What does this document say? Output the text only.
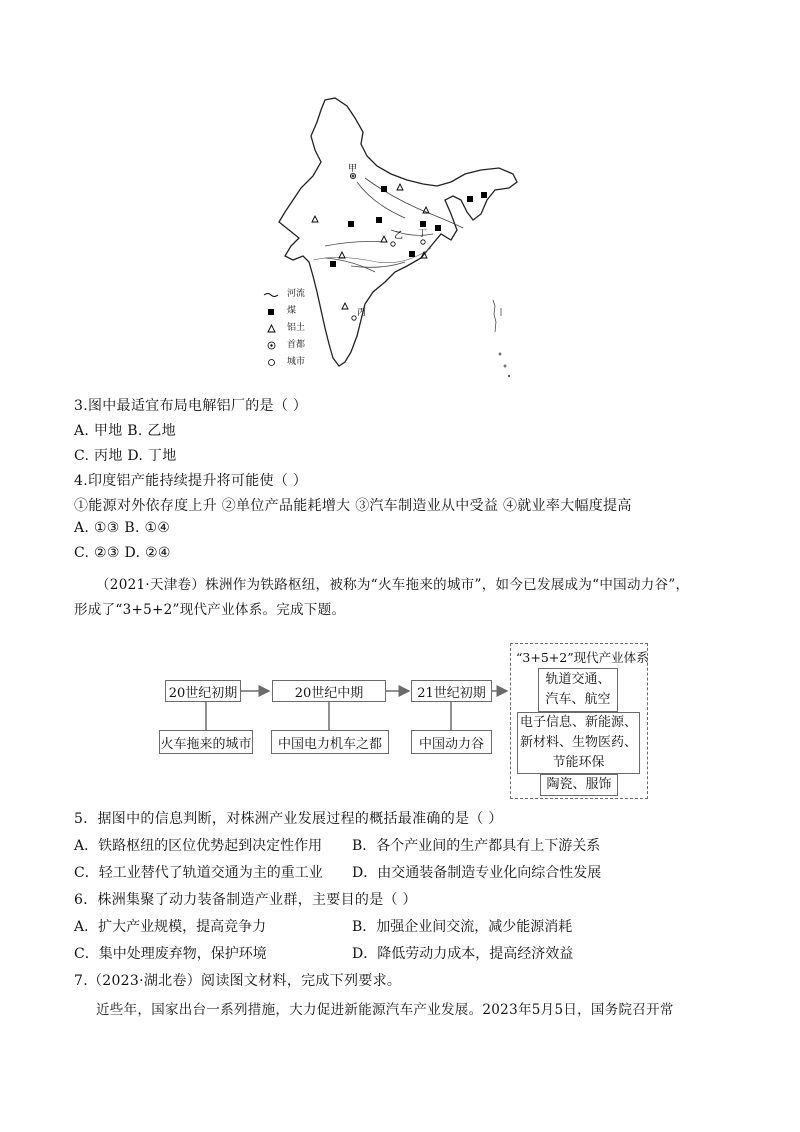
甲
乙 丁
丙
河流
煤
铝土
首都
城市
3.图中最适宜布局电解铝厂的是（ ）
A. 甲地 B. 乙地
C. 丙地 D. 丁地
4.印度铝产能持续提升将可能使（ ）
①能源对外依存度上升 ②单位产品能耗增大 ③汽车制造业从中受益 ④就业率大幅度提高
A. ①③ B. ①④
C. ②③ D. ②④
（2021·天津卷）株洲作为铁路枢纽，被称为“火车拖来的城市”，如今已发展成为“中国动力谷”，
形成了“3+5+2”现代产业体系。完成下题。
20世纪初期	20世纪中期	21世纪初期
火车拖来的城市	中国电力机车之都	中国动力谷
“3+5+2”现代产业体系
轨道交通、
汽车、航空
电子信息、新能源、
新材料、生物医药、
节能环保
陶瓷、服饰
5．据图中的信息判断，对株洲产业发展过程的概括最准确的是（ ）
A．铁路枢纽的区位优势起到决定性作用 B．各个产业间的生产都具有上下游关系
C．轻工业替代了轨道交通为主的重工业 D．由交通装备制造专业化向综合性发展
6．株洲集聚了动力装备制造产业群，主要目的是（ ）
A．扩大产业规模，提高竞争力	B．加强企业间交流，减少能源消耗
C．集中处理废弃物，保护环境	D．降低劳动力成本，提高经济效益
7.（2023·湖北卷）阅读图文材料，完成下列要求。
近些年，国家出台一系列措施，大力促进新能源汽车产业发展。2023年5月5日，国务院召开常
